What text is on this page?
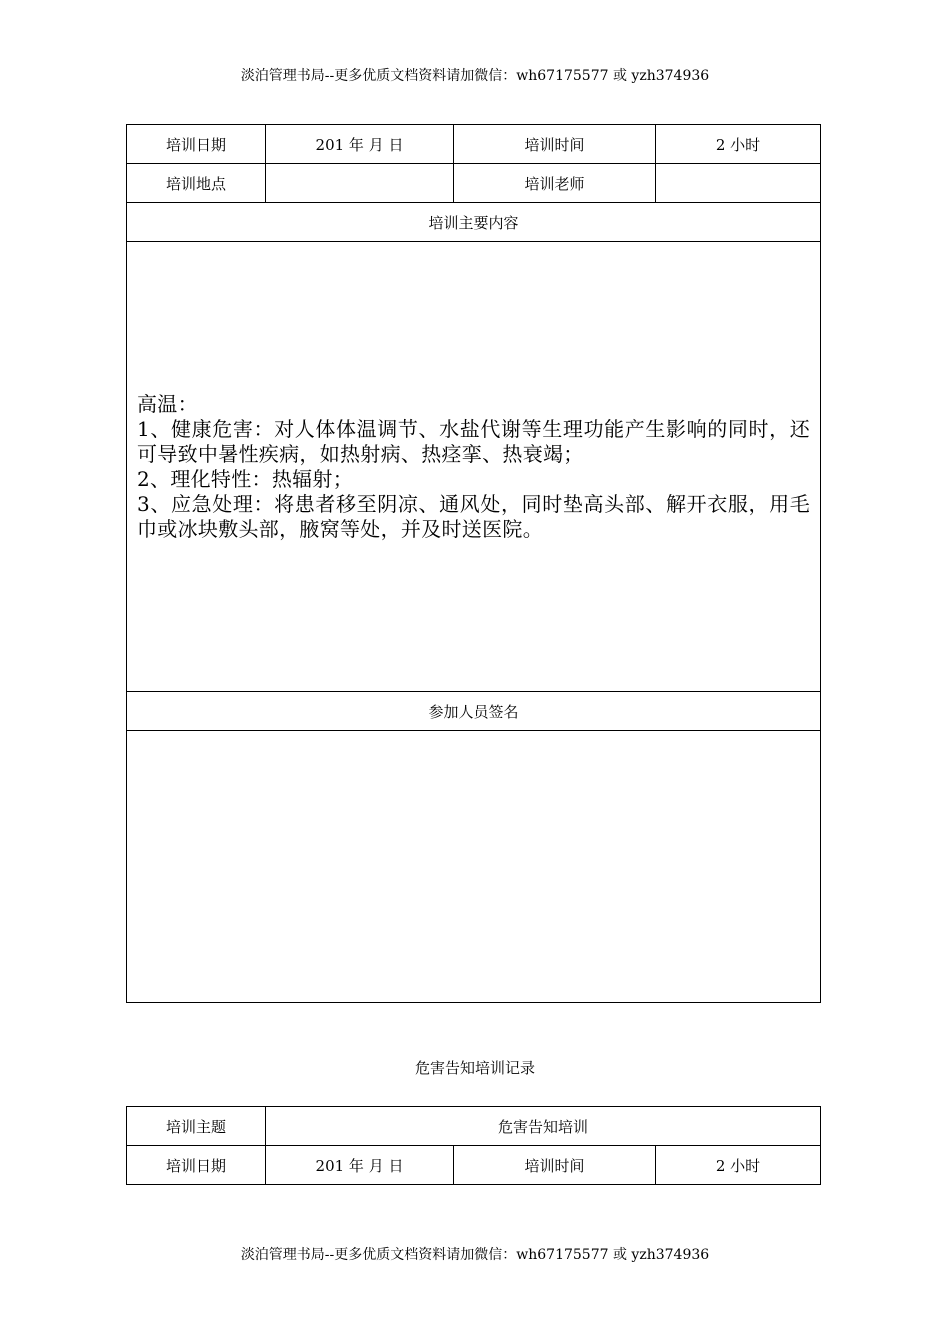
淡泊管理书局--更多优质文档资料请加微信：wh67175577 或 yzh374936
培训日期	201 年 月 日	培训时间	2 小时
培训地点		培训老师	
培训主要内容			

高温：
1、健康危害：对人体体温调节、水盐代谢等生理功能产生影响的同时，还可导致中暑性疾病，如热射病、热痉挛、热衰竭；
2、理化特性：热辐射；
3、应急处理：将患者移至阴凉、通风处，同时垫高头部、解开衣服，用毛巾或冰块敷头部，腋窝等处，并及时送医院。			

参加人员签名			

危害告知培训记录
培训主题	危害告知培训		
培训日期	201 年 月 日	培训时间	2 小时
淡泊管理书局--更多优质文档资料请加微信：wh67175577 或 yzh374936
